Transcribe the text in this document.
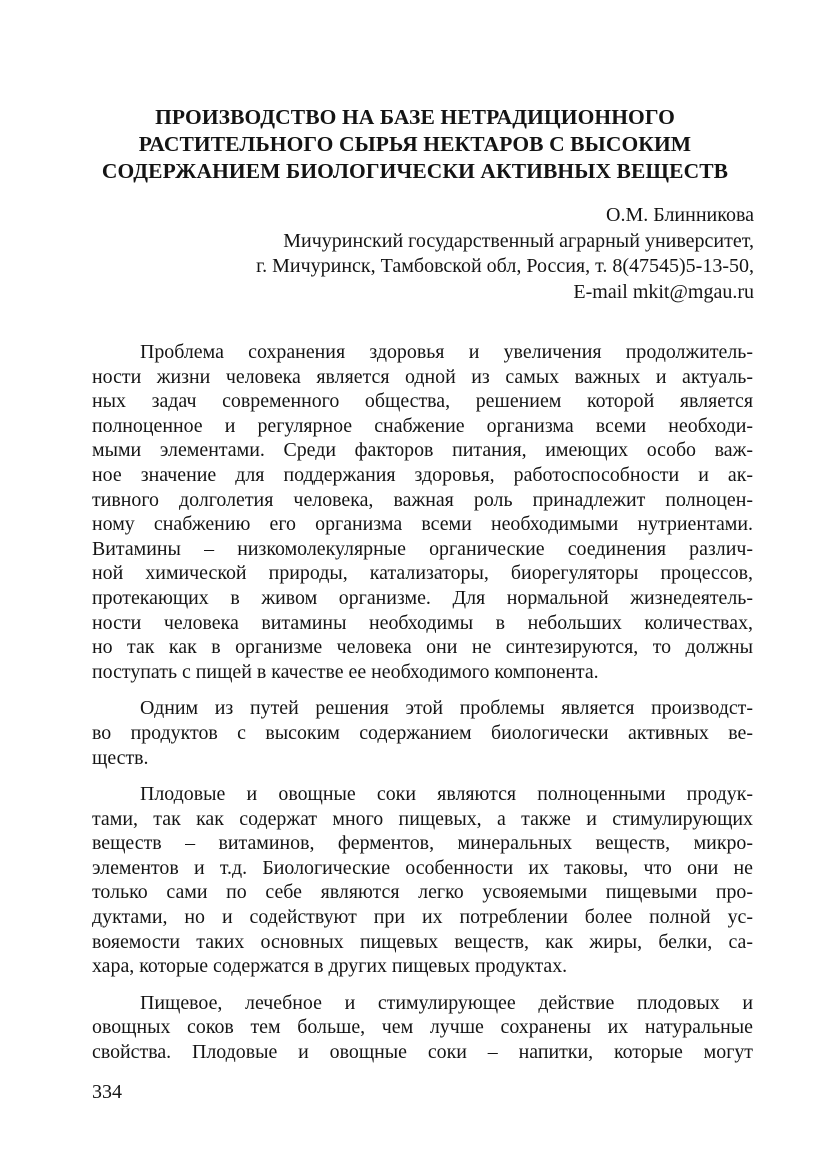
ПРОИЗВОДСТВО НА БАЗЕ НЕТРАДИЦИОННОГО
РАСТИТЕЛЬНОГО СЫРЬЯ НЕКТАРОВ С ВЫСОКИМ
СОДЕРЖАНИЕМ БИОЛОГИЧЕСКИ АКТИВНЫХ ВЕЩЕСТВ
О.М. Блинникова
Мичуринский государственный аграрный университет,
г. Мичуринск, Тамбовской обл, Россия, т. 8(47545)5-13-50,
E-mail mkit@mgau.ru

Проблема сохранения здоровья и увеличения продолжитель-
ности жизни человека является одной из самых важных и актуаль-
ных задач современного общества, решением которой является
полноценное и регулярное снабжение организма всеми необходи-
мыми элементами. Среди факторов питания, имеющих особо важ-
ное значение для поддержания здоровья, работоспособности и ак-
тивного долголетия человека, важная роль принадлежит полноцен-
ному снабжению его организма всеми необходимыми нутриентами.
Витамины – низкомолекулярные органические соединения различ-
ной химической природы, катализаторы, биорегуляторы процессов,
протекающих в живом организме. Для нормальной жизнедеятель-
ности человека витамины необходимы в небольших количествах,
но так как в организме человека они не синтезируются, то должны
поступать с пищей в качестве ее необходимого компонента.

Одним из путей решения этой проблемы является производст-
во продуктов с высоким содержанием биологически активных ве-
ществ.

Плодовые и овощные соки являются полноценными продук-
тами, так как содержат много пищевых, а также и стимулирующих
веществ – витаминов, ферментов, минеральных веществ, микро-
элементов и т.д. Биологические особенности их таковы, что они не
только сами по себе являются легко усвояемыми пищевыми про-
дуктами, но и содействуют при их потреблении более полной ус-
вояемости таких основных пищевых веществ, как жиры, белки, са-
хара, которые содержатся в других пищевых продуктах.

Пищевое, лечебное и стимулирующее действие плодовых и
овощных соков тем больше, чем лучше сохранены их натуральные
свойства. Плодовые и овощные соки – напитки, которые могут

334
